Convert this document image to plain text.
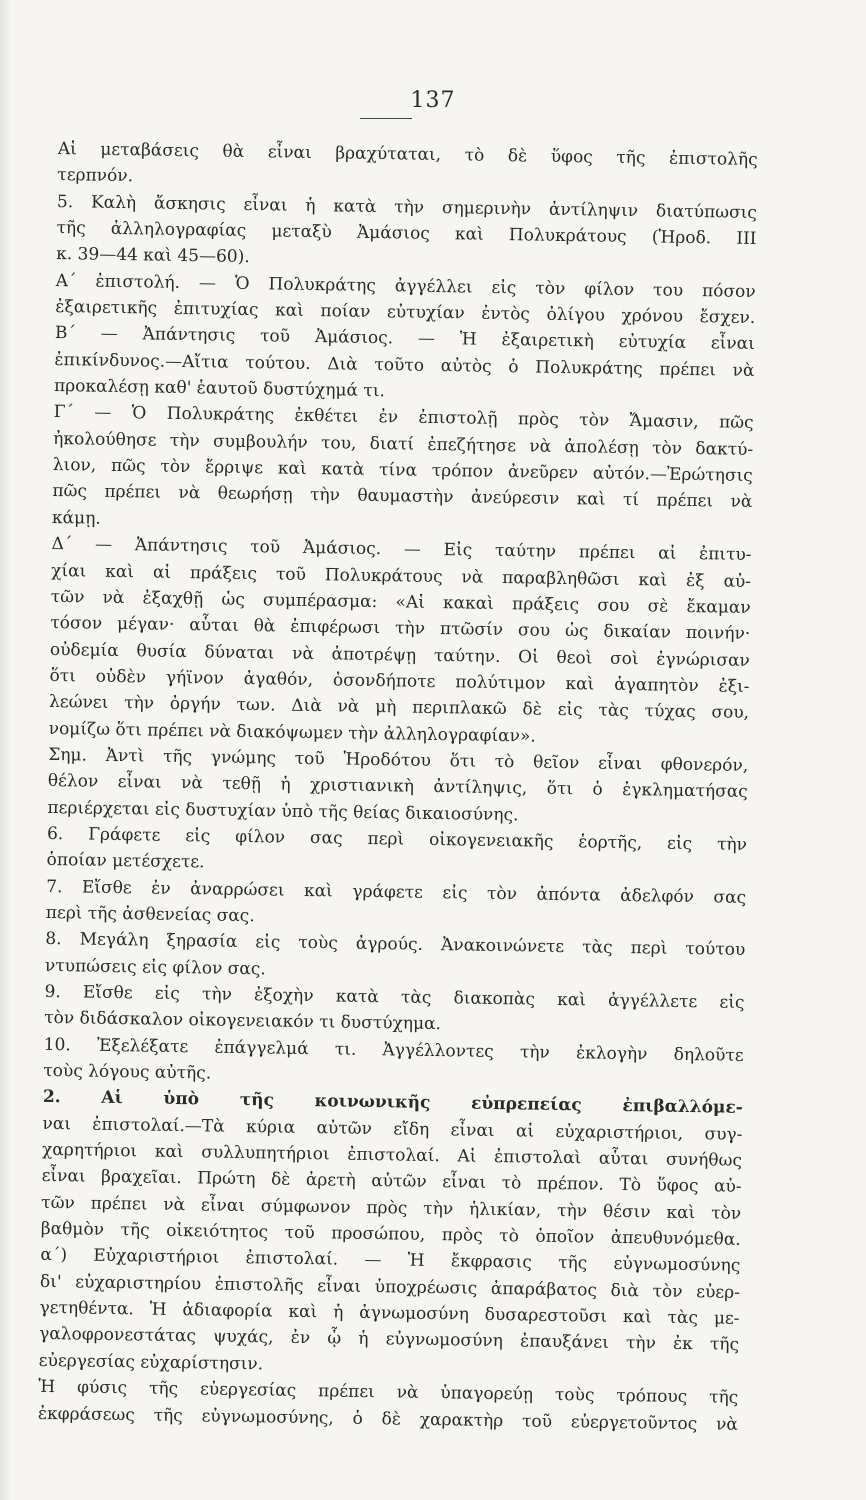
137
Αἱ μεταβάσεις θὰ εἶναι βραχύταται, τὸ δὲ ὕφος τῆς ἐπιστολῆς
τερπνόν.
5. Καλὴ ἄσκησις εἶναι ἡ κατὰ τὴν σημερινὴν ἀντίληψιν διατύπωσις
τῆς ἀλληλογραφίας μεταξὺ Ἀμάσιος καὶ Πολυκράτους (Ἡροδ. III
κ. 39—44 καὶ 45—60).
Α΄ ἐπιστολή. — Ὁ Πολυκράτης ἀγγέλλει εἰς τὸν φίλον του πόσον
ἐξαιρετικῆς ἐπιτυχίας καὶ ποίαν εὐτυχίαν ἐντὸς ὀλίγου χρόνου ἔσχεν.
Β΄ — Ἀπάντησις τοῦ Ἀμάσιος. — Ἡ ἐξαιρετικὴ εὐτυχία εἶναι
ἐπικίνδυνος.—Αἴτια τούτου. Διὰ τοῦτο αὐτὸς ὁ Πολυκράτης πρέπει νὰ
προκαλέσῃ καθ' ἑαυτοῦ δυστύχημά τι.
Γ΄ — Ὁ Πολυκράτης ἐκθέτει ἐν ἐπιστολῇ πρὸς τὸν Ἄμασιν, πῶς
ἠκολούθησε τὴν συμβουλήν του, διατί ἐπεζήτησε νὰ ἀπολέσῃ τὸν δακτύ-
λιον, πῶς τὸν ἔρριψε καὶ κατὰ τίνα τρόπον ἀνεῦρεν αὐτόν.—Ἐρώτησις
πῶς πρέπει νὰ θεωρήσῃ τὴν θαυμαστὴν ἀνεύρεσιν καὶ τί πρέπει νὰ
κάμῃ.
Δ΄ — Ἀπάντησις τοῦ Ἀμάσιος. — Εἰς ταύτην πρέπει αἱ ἐπιτυ-
χίαι καὶ αἱ πράξεις τοῦ Πολυκράτους νὰ παραβληθῶσι καὶ ἐξ αὐ-
τῶν νὰ ἐξαχθῇ ὡς συμπέρασμα: «Αἱ κακαὶ πράξεις σου σὲ ἔκαμαν
τόσον μέγαν· αὗται θὰ ἐπιφέρωσι τὴν πτῶσίν σου ὡς δικαίαν ποινήν·
οὐδεμία θυσία δύναται νὰ ἀποτρέψῃ ταύτην. Οἱ θεοὶ σοὶ ἐγνώρισαν
ὅτι οὐδὲν γήϊνον ἀγαθόν, ὁσονδήποτε πολύτιμον καὶ ἀγαπητὸν ἐξι-
λεώνει τὴν ὀργήν των. Διὰ νὰ μὴ περιπλακῶ δὲ εἰς τὰς τύχας σου,
νομίζω ὅτι πρέπει νὰ διακόψωμεν τὴν ἀλληλογραφίαν».
Σημ. Ἀντὶ τῆς γνώμης τοῦ Ἡροδότου ὅτι τὸ θεῖον εἶναι φθονερόν,
θέλον εἶναι νὰ τεθῇ ἡ χριστιανικὴ ἀντίληψις, ὅτι ὁ ἐγκληματήσας
περιέρχεται εἰς δυστυχίαν ὑπὸ τῆς θείας δικαιοσύνης.
6. Γράφετε εἰς φίλον σας περὶ οἰκογενειακῆς ἑορτῆς, εἰς τὴν
ὁποίαν μετέσχετε.
7. Εἴσθε ἐν ἀναρρώσει καὶ γράφετε εἰς τὸν ἀπόντα ἀδελφόν σας
περὶ τῆς ἀσθενείας σας.
8. Μεγάλη ξηρασία εἰς τοὺς ἀγρούς. Ἀνακοινώνετε τὰς περὶ τούτου
ντυπώσεις εἰς φίλον σας.
9. Εἴσθε εἰς τὴν ἐξοχὴν κατὰ τὰς διακοπὰς καὶ ἀγγέλλετε εἰς
τὸν διδάσκαλον οἰκογενειακόν τι δυστύχημα.
10. Ἐξελέξατε ἐπάγγελμά τι. Ἀγγέλλοντες τὴν ἐκλογὴν δηλοῦτε
τοὺς λόγους αὐτῆς.
2. Αἱ ὑπὸ τῆς κοινωνικῆς εὐπρεπείας ἐπιβαλλόμε-
ναι ἐπιστολαί.—Τὰ κύρια αὐτῶν εἴδη εἶναι αἱ εὐχαριστήριοι, συγ-
χαρητήριοι καὶ συλλυπητήριοι ἐπιστολαί. Αἱ ἐπιστολαὶ αὗται συνήθως
εἶναι βραχεῖαι. Πρώτη δὲ ἀρετὴ αὐτῶν εἶναι τὸ πρέπον. Τὸ ὕφος αὐ-
τῶν πρέπει νὰ εἶναι σύμφωνον πρὸς τὴν ἡλικίαν, τὴν θέσιν καὶ τὸν
βαθμὸν τῆς οἰκειότητος τοῦ προσώπου, πρὸς τὸ ὁποῖον ἀπευθυνόμεθα.
α΄) Εὐχαριστήριοι ἐπιστολαί. — Ἡ ἔκφρασις τῆς εὐγνωμοσύνης
δι' εὐχαριστηρίου ἐπιστολῆς εἶναι ὑποχρέωσις ἀπαράβατος διὰ τὸν εὐερ-
γετηθέντα. Ἡ ἀδιαφορία καὶ ἡ ἀγνωμοσύνη δυσαρεστοῦσι καὶ τὰς με-
γαλοφρονεστάτας ψυχάς, ἐν ᾧ ἡ εὐγνωμοσύνη ἐπαυξάνει τὴν ἐκ τῆς
εὐεργεσίας εὐχαρίστησιν.
Ἡ φύσις τῆς εὐεργεσίας πρέπει νὰ ὑπαγορεύῃ τοὺς τρόπους τῆς
ἐκφράσεως τῆς εὐγνωμοσύνης, ὁ δὲ χαρακτὴρ τοῦ εὐεργετοῦντος νὰ
